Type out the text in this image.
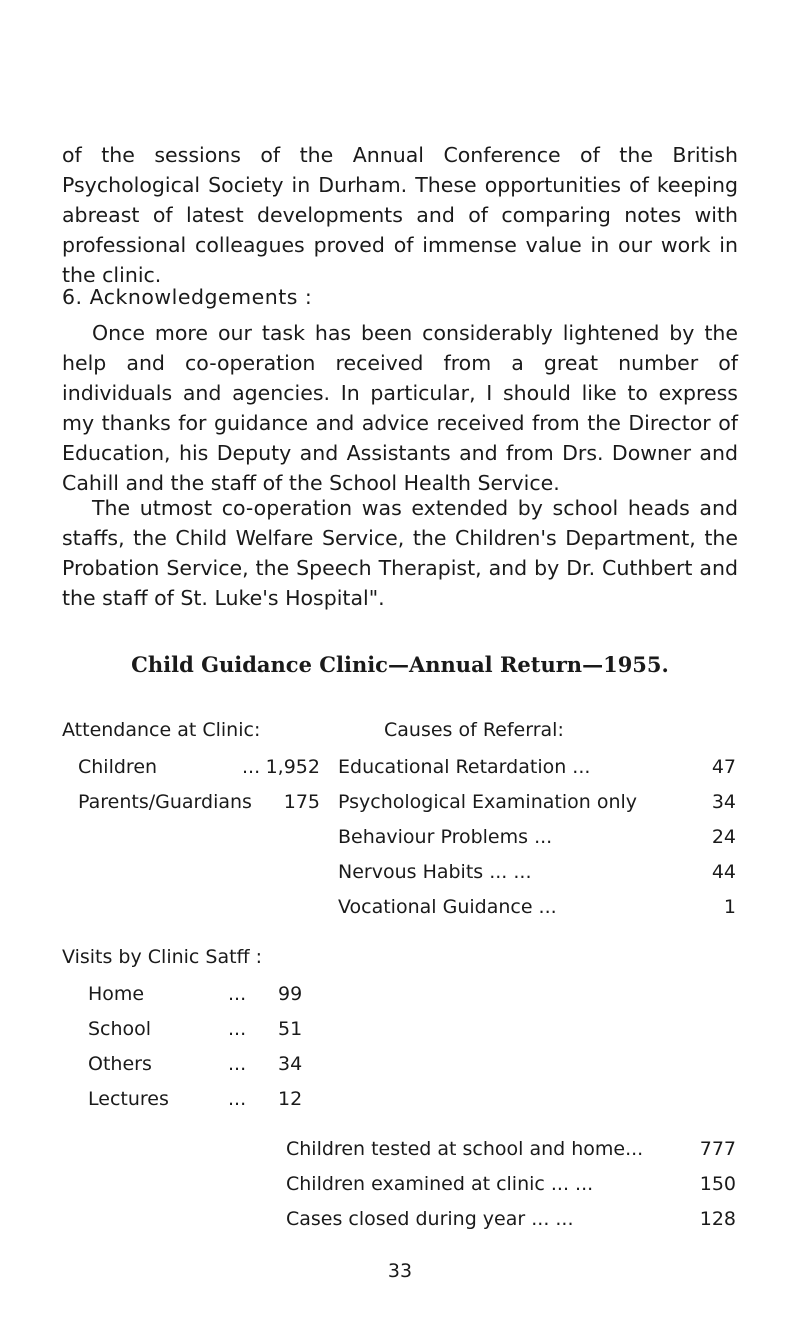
of the sessions of the Annual Conference of the British Psychological Society in Durham. These opportunities of keeping abreast of latest developments and of comparing notes with professional colleagues proved of immense value in our work in the clinic.

6. Acknowledgements :

Once more our task has been considerably lightened by the help and co-operation received from a great number of individuals and agencies. In particular, I should like to express my thanks for guidance and advice received from the Director of Education, his Deputy and Assistants and from Drs. Downer and Cahill and the staff of the School Health Service.

The utmost co-operation was extended by school heads and staffs, the Child Welfare Service, the Children's Department, the Probation Service, the Speech Therapist, and by Dr. Cuthbert and the staff of St. Luke's Hospital".

Child Guidance Clinic—Annual Return—1955.
Attendance at Clinic:
Children	... 1,952
Parents/Guardians	175
Causes of Referral:
Educational Retardation ...	47
Psychological Examination only	34
Behaviour Problems ...	24
Nervous Habits ... ...	44
Vocational Guidance ...	1
Visits by Clinic Satff :
Home	... 99
School	... 51
Others	... 34
Lectures	... 12
Children tested at school and home...	777
Children examined at clinic ... ...	150
Cases closed during year ... ...	128
33
